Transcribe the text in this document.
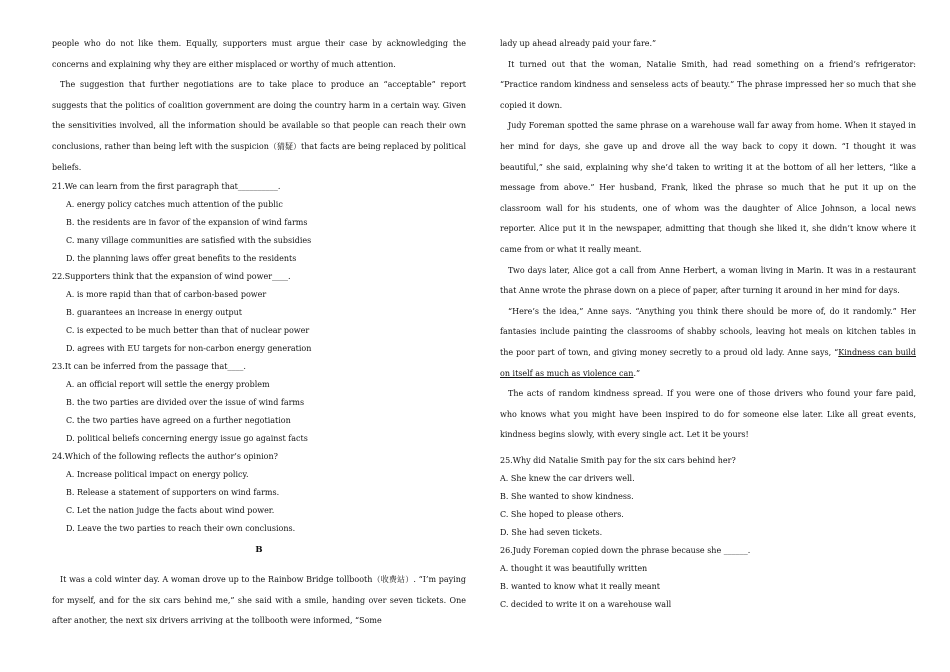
people who do not like them. Equally, supporters must argue their case by acknowledging the concerns and explaining why they are either misplaced or worthy of much attention.

The suggestion that further negotiations are to take place to produce an “acceptable” report suggests that the politics of coalition government are doing the country harm in a certain way. Given the sensitivities involved, all the information should be available so that people can reach their own conclusions, rather than being left with the suspicion（猜疑）that facts are being replaced by political beliefs.

21.We can learn from the first paragraph that__________.

A. energy policy catches much attention of the public

B. the residents are in favor of the expansion of wind farms

C. many village communities are satisfied with the subsidies

D. the planning laws offer great benefits to the residents

22.Supporters think that the expansion of wind power____.

A. is more rapid than that of carbon-based power

B. guarantees an increase in energy output

C. is expected to be much better than that of nuclear power

D. agrees with EU targets for non-carbon energy generation

23.It can be inferred from the passage that____.

A. an official report will settle the energy problem

B. the two parties are divided over the issue of wind farms

C. the two parties have agreed on a further negotiation

D. political beliefs concerning energy issue go against facts

24.Which of the following reflects the author’s opinion?

A. Increase political impact on energy policy.

B. Release a statement of supporters on wind farms.

C. Let the nation judge the facts about wind power.

D. Leave the two parties to reach their own conclusions.

B

It was a cold winter day. A woman drove up to the Rainbow Bridge tollbooth（收费站）. “I’m paying for myself, and for the six cars behind me,” she said with a smile, handing over seven tickets. One after another, the next six drivers arriving at the tollbooth were informed, “Some

lady up ahead already paid your fare.”

It turned out that the woman, Natalie Smith, had read something on a friend’s refrigerator: “Practice random kindness and senseless acts of beauty.” The phrase impressed her so much that she copied it down.

Judy Foreman spotted the same phrase on a warehouse wall far away from home. When it stayed in her mind for days, she gave up and drove all the way back to copy it down. “I thought it was beautiful,” she said, explaining why she’d taken to writing it at the bottom of all her letters, “like a message from above.” Her husband, Frank, liked the phrase so much that he put it up on the classroom wall for his students, one of whom was the daughter of Alice Johnson, a local news reporter. Alice put it in the newspaper, admitting that though she liked it, she didn’t know where it came from or what it really meant.

Two days later, Alice got a call from Anne Herbert, a woman living in Marin. It was in a restaurant that Anne wrote the phrase down on a piece of paper, after turning it around in her mind for days.

“Here’s the idea,” Anne says. “Anything you think there should be more of, do it randomly.” Her fantasies include painting the classrooms of shabby schools, leaving hot meals on kitchen tables in the poor part of town, and giving money secretly to a proud old lady. Anne says, “Kindness can build on itself as much as violence can.”

The acts of random kindness spread. If you were one of those drivers who found your fare paid, who knows what you might have been inspired to do for someone else later. Like all great events, kindness begins slowly, with every single act. Let it be yours!

25.Why did Natalie Smith pay for the six cars behind her?

A. She knew the car drivers well.

B. She wanted to show kindness.

C. She hoped to please others.

D. She had seven tickets.

26.Judy Foreman copied down the phrase because she ______.

A. thought it was beautifully written

B. wanted to know what it really meant

C. decided to write it on a warehouse wall
